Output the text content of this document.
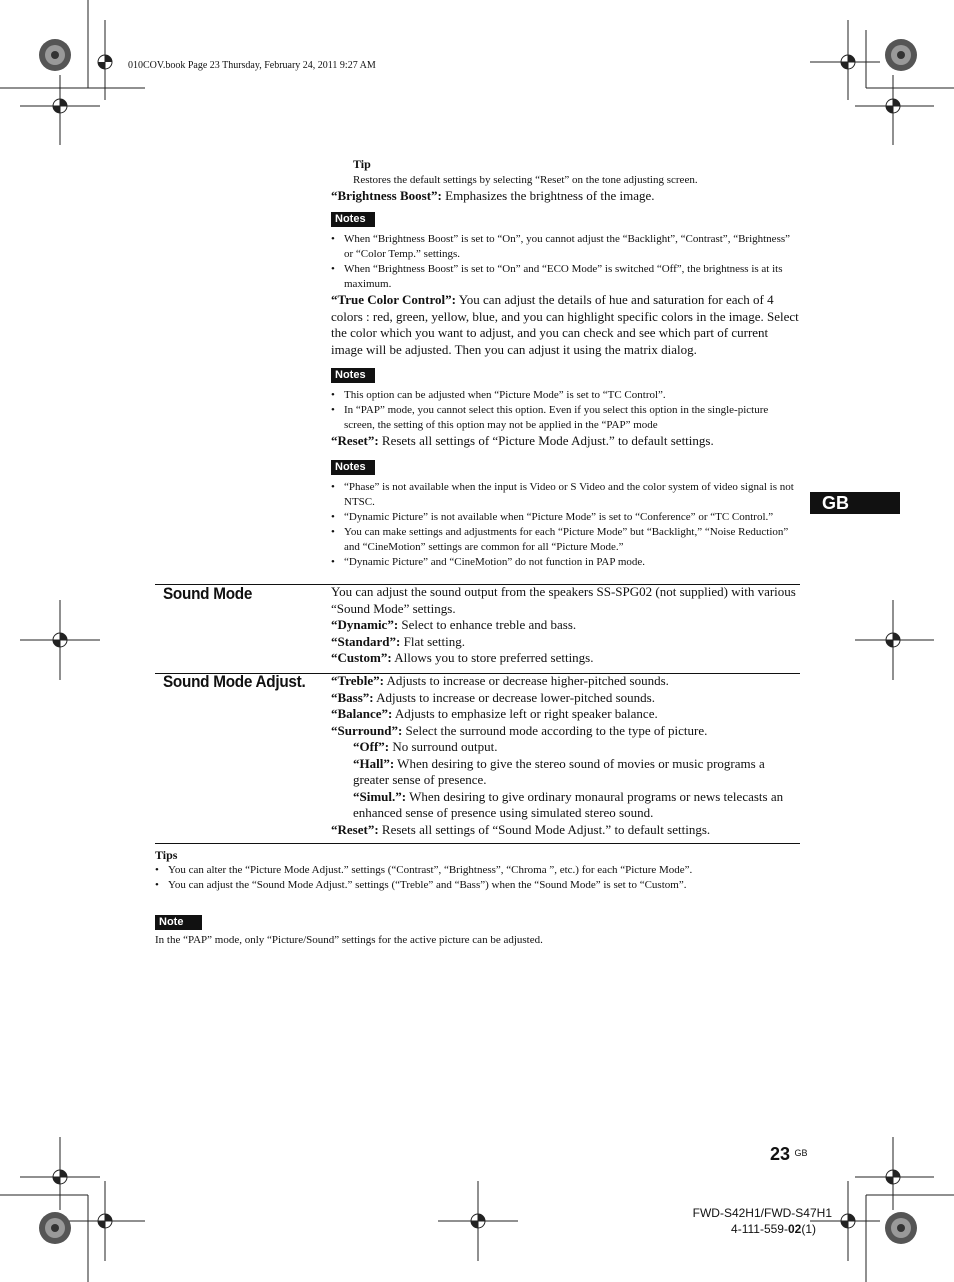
010COV.book Page 23 Thursday, February 24, 2011 9:27 AM
Tip
Restores the default settings by selecting “Reset” on the tone adjusting screen.
“Brightness Boost”: Emphasizes the brightness of the image.
Notes
• When “Brightness Boost” is set to “On”, you cannot adjust the “Backlight”, “Contrast”, “Brightness” or “Color Temp.” settings.
• When “Brightness Boost” is set to “On” and “ECO Mode” is switched “Off”, the brightness is at its maximum.
“True Color Control”: You can adjust the details of hue and saturation for each of 4 colors : red, green, yellow, blue, and you can highlight specific colors in the image. Select the color which you want to adjust, and you can check and see which part of current image will be adjusted. Then you can adjust it using the matrix dialog.
Notes
• This option can be adjusted when “Picture Mode” is set to “TC Control”.
• In “PAP” mode, you cannot select this option. Even if you select this option in the single-picture screen, the setting of this option may not be applied in the “PAP” mode
“Reset”: Resets all settings of “Picture Mode Adjust.” to default settings.
Notes
• “Phase” is not available when the input is Video or S Video and the color system of video signal is not NTSC.
• “Dynamic Picture” is not available when “Picture Mode” is set to “Conference” or “TC Control.”
• You can make settings and adjustments for each “Picture Mode” but “Backlight,” “Noise Reduction” and “CineMotion” settings are common for all “Picture Mode.”
• “Dynamic Picture” and “CineMotion” do not function in PAP mode.
GB
Sound Mode	You can adjust the sound output from the speakers SS-SPG02 (not supplied) with various “Sound Mode” settings.
“Dynamic”: Select to enhance treble and bass.
“Standard”: Flat setting.
“Custom”: Allows you to store preferred settings.
Sound Mode Adjust. “Treble”: Adjusts to increase or decrease higher-pitched sounds.
“Bass”: Adjusts to increase or decrease lower-pitched sounds.
“Balance”: Adjusts to emphasize left or right speaker balance.
“Surround”: Select the surround mode according to the type of picture.
“Off”: No surround output.
“Hall”: When desiring to give the stereo sound of movies or music programs a greater sense of presence.
“Simul.”: When desiring to give ordinary monaural programs or news telecasts an enhanced sense of presence using simulated stereo sound.
“Reset”: Resets all settings of “Sound Mode Adjust.” to default settings.
Tips
• You can alter the “Picture Mode Adjust.” settings (“Contrast”, “Brightness”, “Chroma ”, etc.) for each “Picture Mode”.
• You can adjust the “Sound Mode Adjust.” settings (“Treble” and “Bass”) when the “Sound Mode” is set to “Custom”.
Note
In the “PAP” mode, only “Picture/Sound” settings for the active picture can be adjusted.
23 $^{GB}$
FWD-S42H1/FWD-S47H1
4-111-559-02(1)
